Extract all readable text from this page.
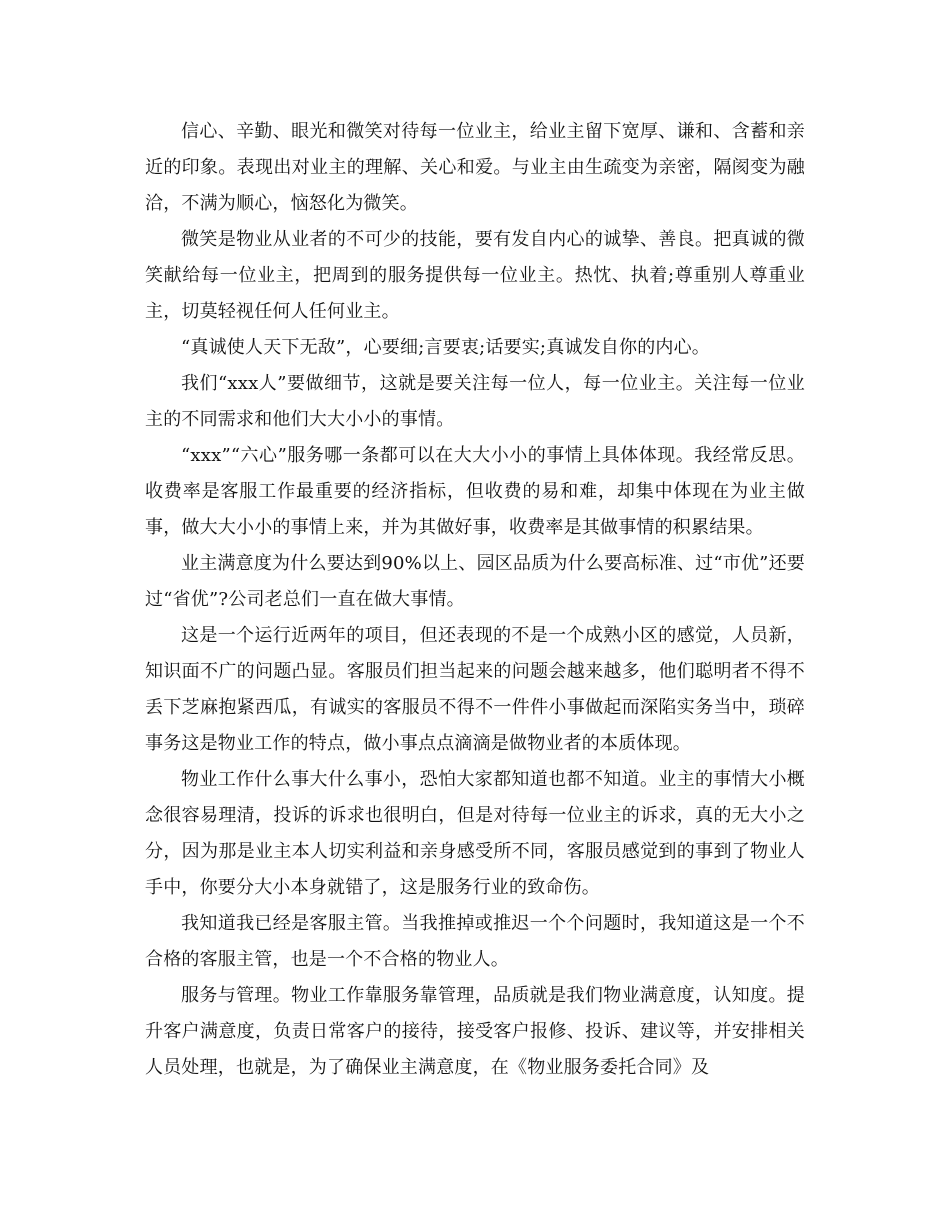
信心、辛勤、眼光和微笑对待每一位业主，给业主留下宽厚、谦和、含蓄和亲近的印象。表现出对业主的理解、关心和爱。与业主由生疏变为亲密，隔阂变为融洽，不满为顺心，恼怒化为微笑。

微笑是物业从业者的不可少的技能，要有发自内心的诚挚、善良。把真诚的微笑献给每一位业主，把周到的服务提供每一位业主。热忱、执着;尊重别人尊重业主，切莫轻视任何人任何业主。

“真诚使人天下无敌”，心要细;言要衷;话要实;真诚发自你的内心。

我们“xxx人”要做细节，这就是要关注每一位人，每一位业主。关注每一位业主的不同需求和他们大大小小的事情。

“xxx”“六心”服务哪一条都可以在大大小小的事情上具体体现。我经常反思。收费率是客服工作最重要的经济指标，但收费的易和难，却集中体现在为业主做事，做大大小小的事情上来，并为其做好事，收费率是其做事情的积累结果。

业主满意度为什么要达到90%以上、园区品质为什么要高标准、过“市优”还要过“省优”?公司老总们一直在做大事情。

这是一个运行近两年的项目，但还表现的不是一个成熟小区的感觉，人员新，知识面不广的问题凸显。客服员们担当起来的问题会越来越多，他们聪明者不得不丢下芝麻抱紧西瓜，有诚实的客服员不得不一件件小事做起而深陷实务当中，琐碎事务这是物业工作的特点，做小事点点滴滴是做物业者的本质体现。

物业工作什么事大什么事小，恐怕大家都知道也都不知道。业主的事情大小概念很容易理清，投诉的诉求也很明白，但是对待每一位业主的诉求，真的无大小之分，因为那是业主本人切实利益和亲身感受所不同，客服员感觉到的事到了物业人手中，你要分大小本身就错了，这是服务行业的致命伤。

我知道我已经是客服主管。当我推掉或推迟一个个问题时，我知道这是一个不合格的客服主管，也是一个不合格的物业人。

服务与管理。物业工作靠服务靠管理，品质就是我们物业满意度，认知度。提升客户满意度，负责日常客户的接待，接受客户报修、投诉、建议等，并安排相关人员处理，也就是，为了确保业主满意度，在《物业服务委托合同》及
